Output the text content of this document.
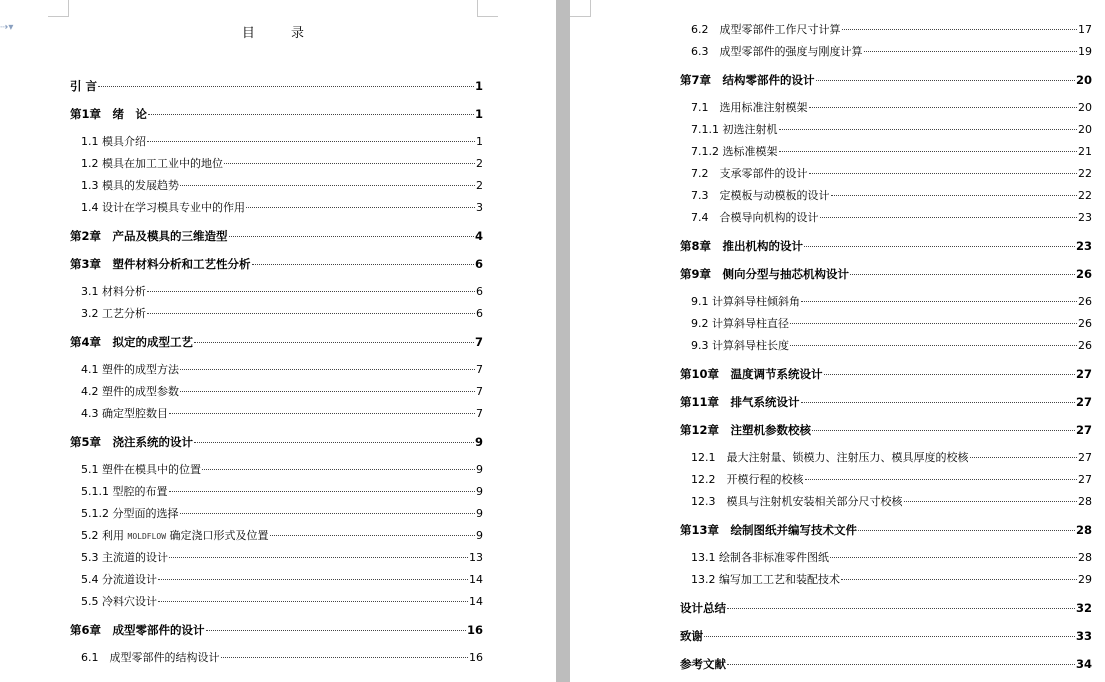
⇢▾	目 录
引 言	1
第1章　绪　论	1
1.1 模具介绍	1
1.2 模具在加工工业中的地位	2
1.3 模具的发展趋势	2
1.4 设计在学习模具专业中的作用	3
第2章　产品及模具的三维造型	4
第3章　塑件材料分析和工艺性分析	6
3.1 材料分析	6
3.2 工艺分析	6
第4章　拟定的成型工艺	7
4.1 塑件的成型方法	7
4.2 塑件的成型参数	7
4.3 确定型腔数目	7
第5章　浇注系统的设计	9
5.1 塑件在模具中的位置	9
5.1.1 型腔的布置	9
5.1.2 分型面的选择	9
5.2 利用 MOLDFLOW 确定浇口形式及位置	9
5.3 主流道的设计	13
5.4 分流道设计	14
5.5 冷料穴设计	14
第6章　成型零部件的设计	16
6.1　成型零部件的结构设计	16
6.2　成型零部件工作尺寸计算	17
6.3　成型零部件的强度与刚度计算	19
第7章　结构零部件的设计	20
7.1　选用标准注射模架	20
7.1.1 初选注射机	20
7.1.2 选标准模架	21
7.2　支承零部件的设计	22
7.3　定模板与动模板的设计	22
7.4　合模导向机构的设计	23
第8章　推出机构的设计	23
第9章　侧向分型与抽芯机构设计	26
9.1 计算斜导柱倾斜角	26
9.2 计算斜导柱直径	26
9.3 计算斜导柱长度	26
第10章　温度调节系统设计	27
第11章　排气系统设计	27
第12章　注塑机参数校核	27
12.1　最大注射量、锁模力、注射压力、模具厚度的校核	27
12.2　开模行程的校核	27
12.3　模具与注射机安装相关部分尺寸校核	28
第13章　绘制图纸并编写技术文件	28
13.1 绘制各非标准零件图纸	28
13.2 编写加工工艺和装配技术	29
设计总结	32
致谢	33
参考文献	34
